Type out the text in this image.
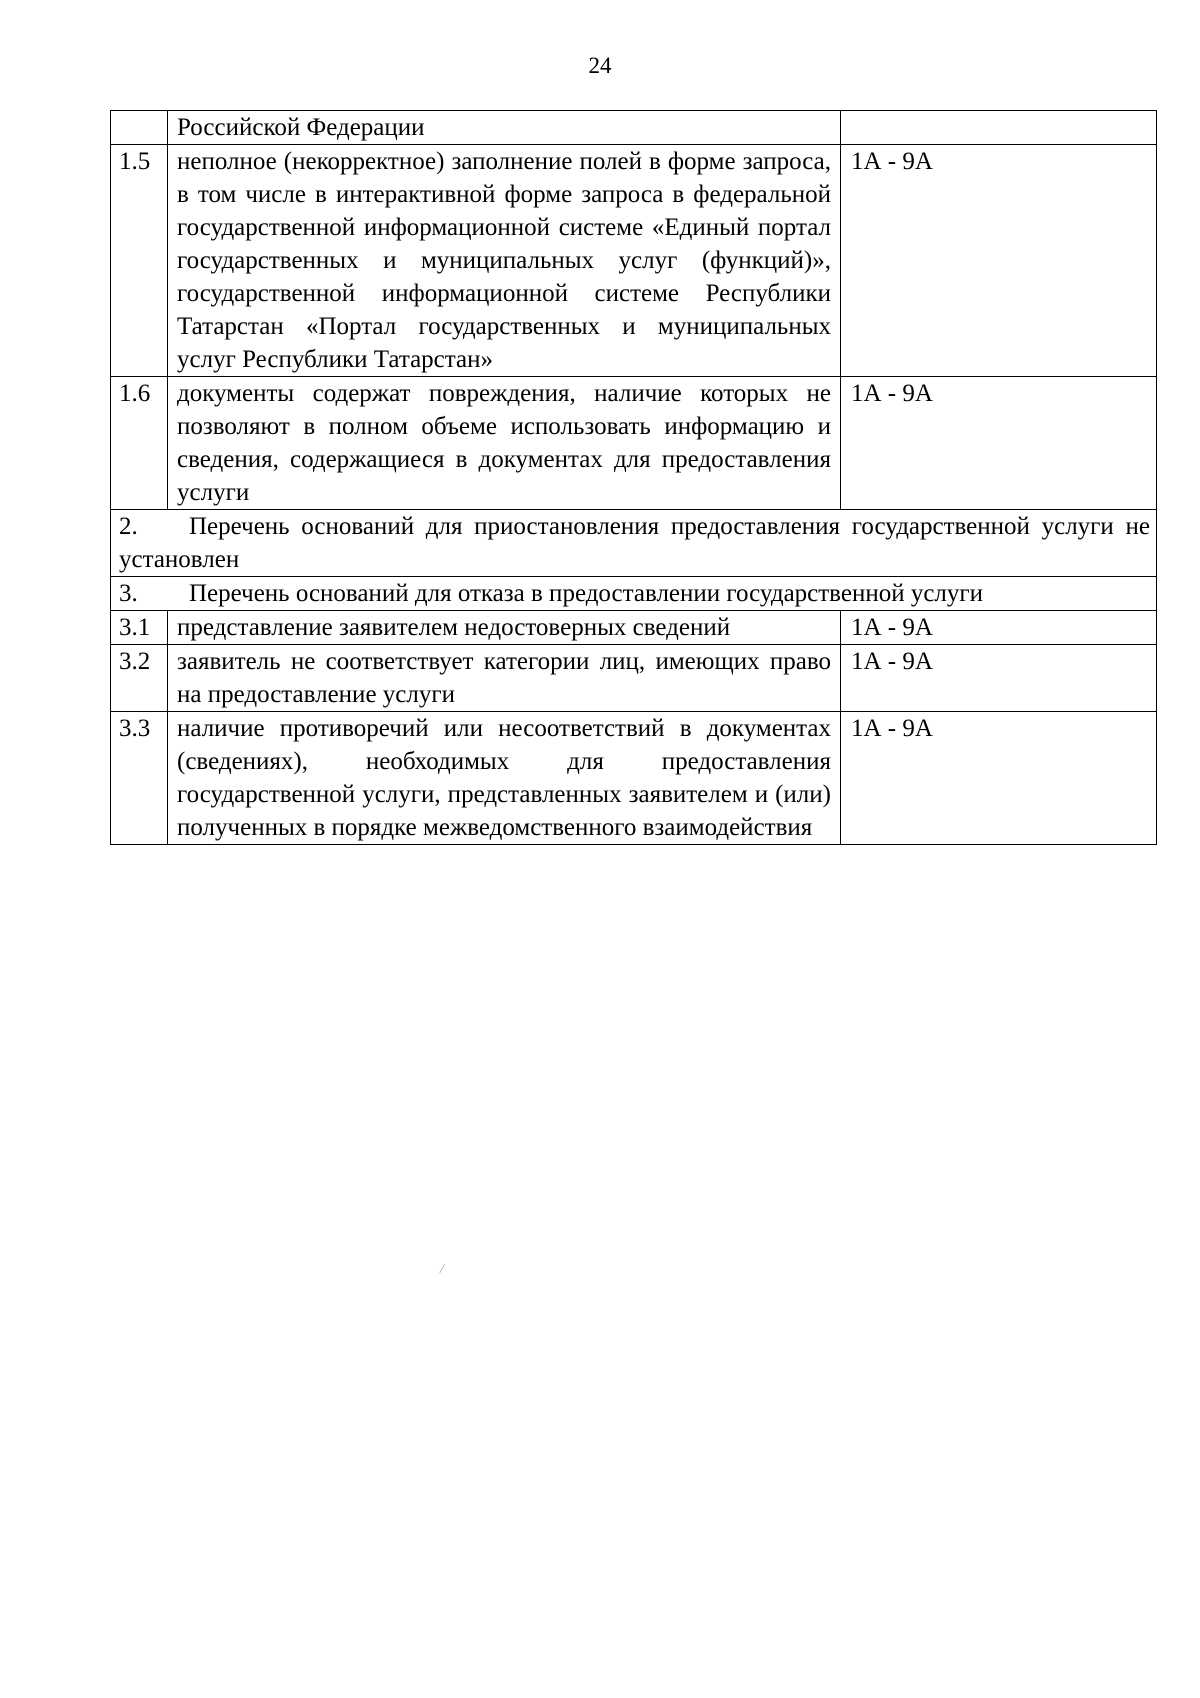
24
	Российской Федерации	
1.5	неполное (некорректное) заполнение полей в форме запроса, в том числе в интерактивной форме запроса в федеральной государственной информационной системе «Единый портал государственных и муниципальных услуг (функций)», государственной информационной системе Республики Татарстан «Портал государственных и муниципальных услуг Республики Татарстан»	1А - 9А
1.6	документы содержат повреждения, наличие которых не позволяют в полном объеме использовать информацию и сведения, содержащиеся в документах для предоставления услуги	1А - 9А
2. Перечень оснований для приостановления предоставления государственной услуги не установлен		
3. Перечень оснований для отказа в предоставлении государственной услуги		
3.1	представление заявителем недостоверных сведений	1А - 9А
3.2	заявитель не соответствует категории лиц, имеющих право на предоставление услуги	1А - 9А
3.3	наличие противоречий или несоответствий в документах (сведениях), необходимых для предоставления государственной услуги, представленных заявителем и (или) полученных в порядке межведомственного взаимодействия	1А - 9А
/
